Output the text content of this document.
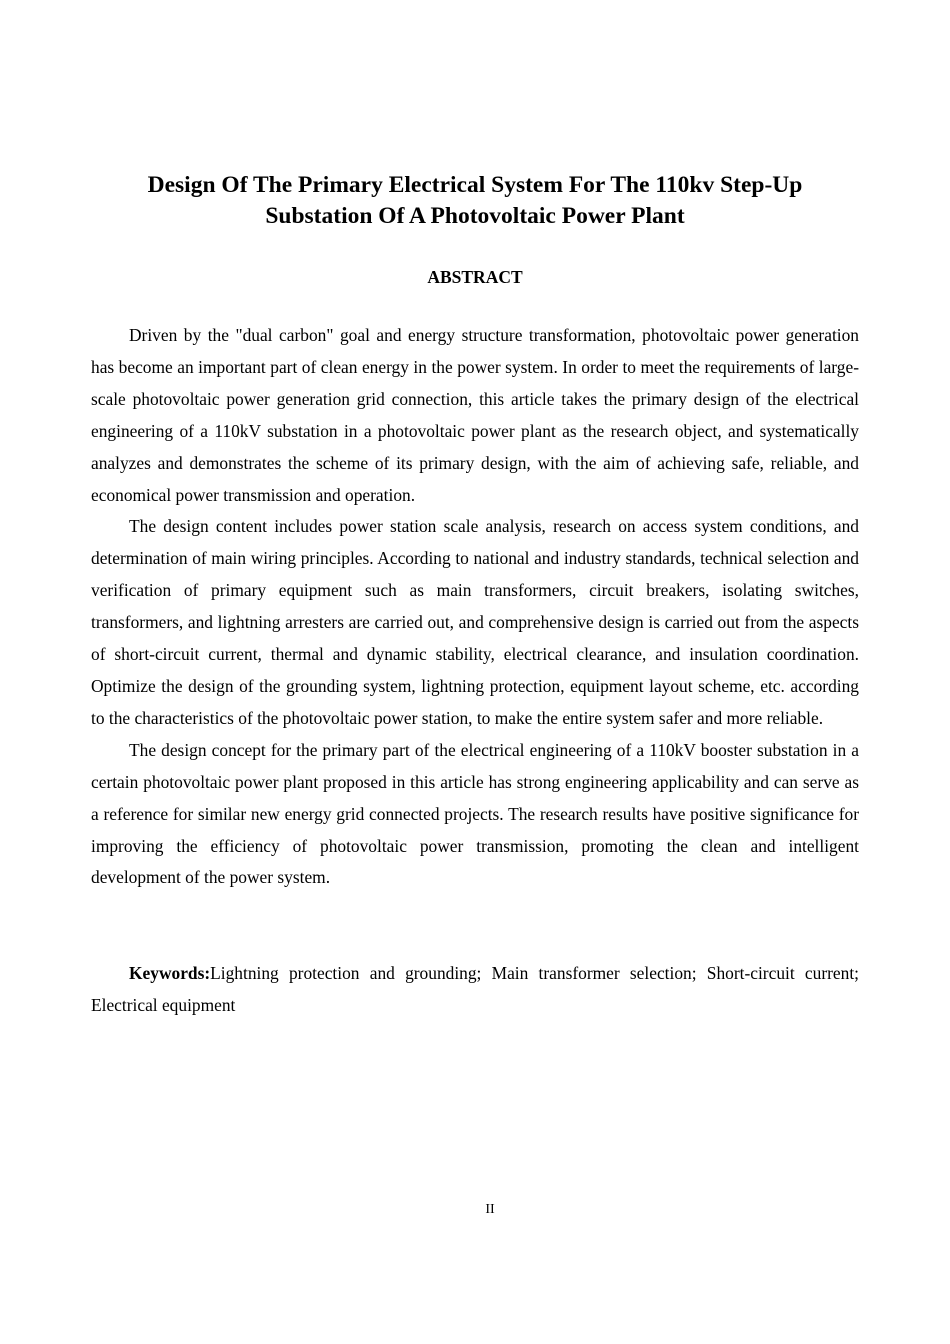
Design Of The Primary Electrical System For The 110kv Step-Up
Substation Of A Photovoltaic Power Plant
ABSTRACT

Driven by the "dual carbon" goal and energy structure transformation, photovoltaic power generation has become an important part of clean energy in the power system. In order to meet the requirements of large-scale photovoltaic power generation grid connection, this article takes the primary design of the electrical engineering of a 110kV substation in a photovoltaic power plant as the research object, and systematically analyzes and demonstrates the scheme of its primary design, with the aim of achieving safe, reliable, and economical power transmission and operation.

The design content includes power station scale analysis, research on access system conditions, and determination of main wiring principles. According to national and industry standards, technical selection and verification of primary equipment such as main transformers, circuit breakers, isolating switches, transformers, and lightning arresters are carried out, and comprehensive design is carried out from the aspects of short-circuit current, thermal and dynamic stability, electrical clearance, and insulation coordination. Optimize the design of the grounding system, lightning protection, equipment layout scheme, etc. according to the characteristics of the photovoltaic power station, to make the entire system safer and more reliable.

The design concept for the primary part of the electrical engineering of a 110kV booster substation in a certain photovoltaic power plant proposed in this article has strong engineering applicability and can serve as a reference for similar new energy grid connected projects. The research results have positive significance for improving the efficiency of photovoltaic power transmission, promoting the clean and intelligent development of the power system.

Keywords:Lightning protection and grounding; Main transformer selection; Short-circuit current; Electrical equipment

II
